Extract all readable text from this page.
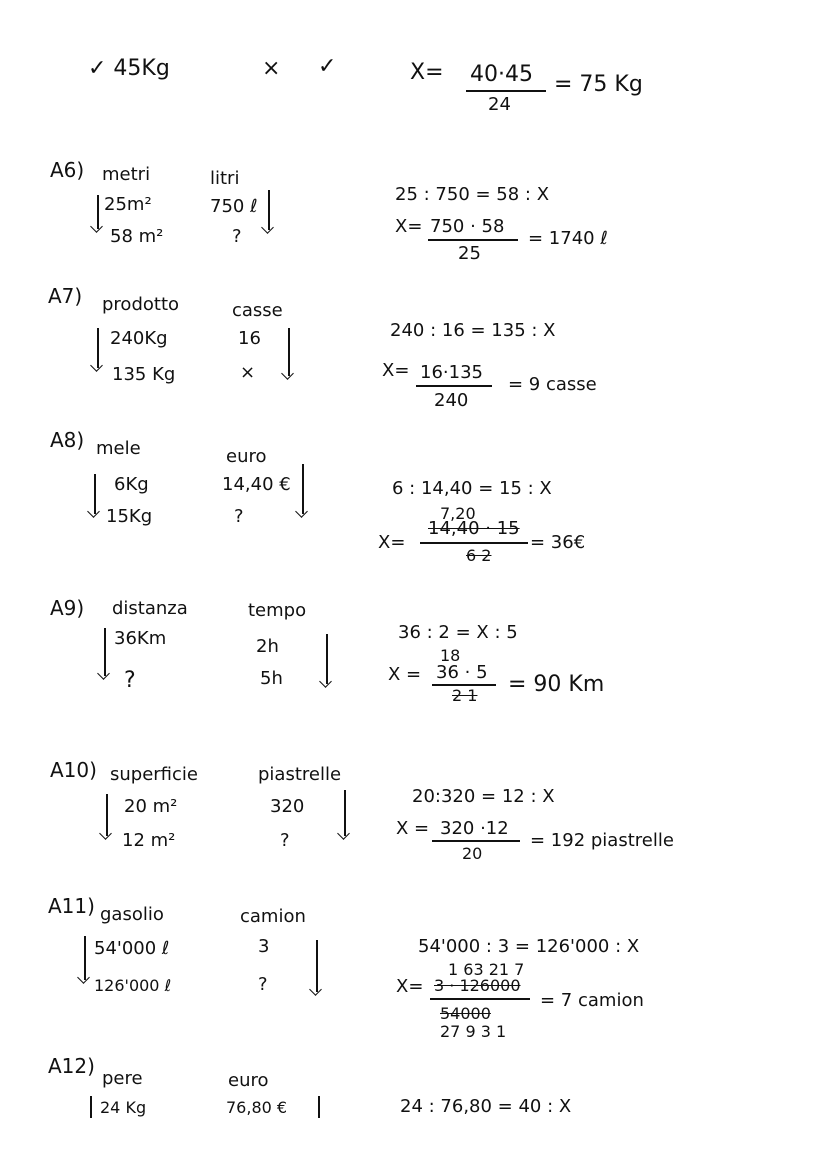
✓ 45Kg	× ✓	X= 40·45
24
= 75 Kg
A6) metri	litri
25m²	750 ℓ
58 m²	?
25 : 750 = 58 : X
X= 750 · 58
25
= 1740 ℓ
A7) prodotto	casse
240Kg	16
135 Kg	×
240 : 16 = 135 : X
X= 16·135
240
= 9 casse
A8) mele	euro
6Kg	14,40 €
15Kg	?
6 : 14,40 = 15 : X
7,20
X=
14,40 · 15
6 2
= 36€
A9) distanza	tempo
36Km	2h
?	5h
36 : 2 = X : 5
18
X = 36 · 5
2 1 = 90 Km
A10) superficie	piastrelle
20 m²	320
12 m²	?
20:320 = 12 : X
X = 320 ·12
20
= 192 piastrelle
A11) gasolio	camion
54'000 ℓ	3
126'000 ℓ	?
54'000 : 3 = 126'000 : X
1 63 21 7
X= 3 · 126000
54000
27 9 3 1
= 7 camion
A12)
pere	euro
24 Kg	76,80 €	24 : 76,80 = 40 : X
